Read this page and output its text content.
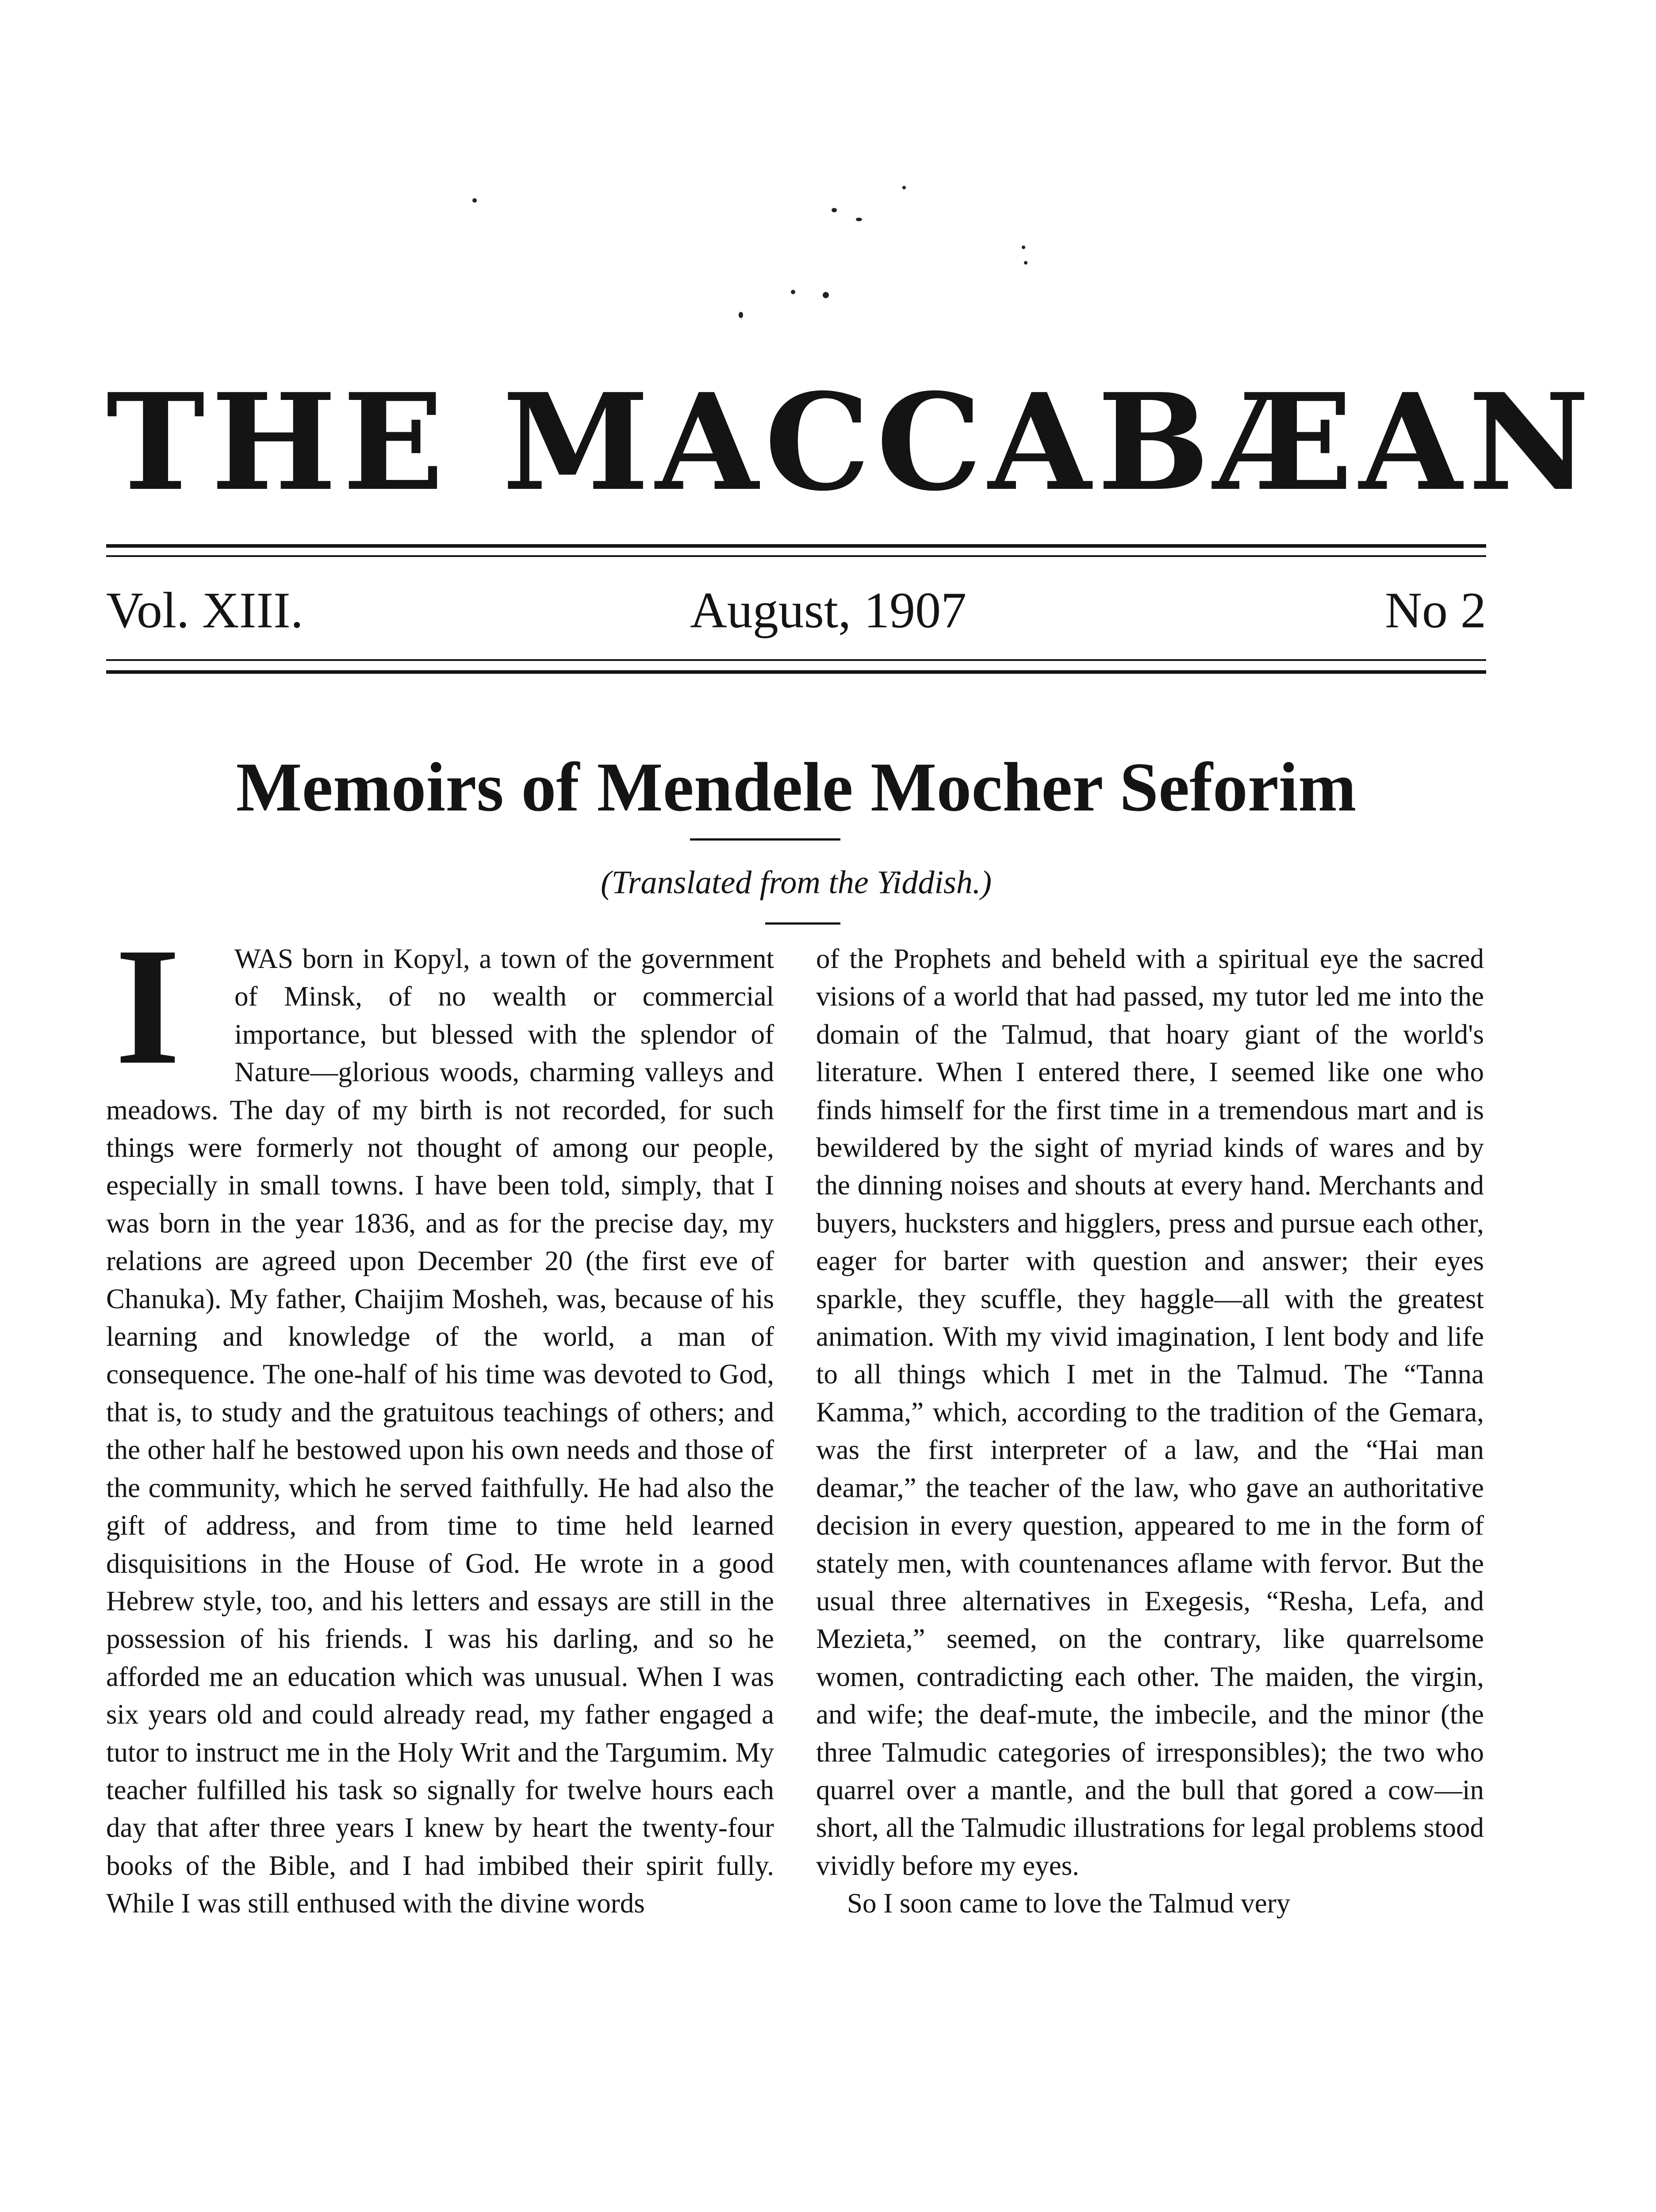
THE MACCABÆAN
Vol. XIII.	August, 1907	No 2
Memoirs of Mendele Mocher Seforim
(Translated from the Yiddish.)

I	WAS born in Kopyl, a town of the government of Minsk, of no wealth or commercial importance, but blessed with the splendor of Nature—glorious woods, charming valleys and meadows. The day of my birth is not recorded, for such things were formerly not thought of among our people, especially in small towns. I have been told, simply, that I was born in the year 1836, and as for the precise day, my relations are agreed upon December 20 (the first eve of Chanuka). My father, Chaijim Mosheh, was, because of his learning and knowledge of the world, a man of consequence. The one-half of his time was devoted to God, that is, to study and the gratuitous teachings of others; and the other half he bestowed upon his own needs and those of the community, which he served faithfully. He had also the gift of address, and from time to time held learned disquisitions in the House of God. He wrote in a good Hebrew style, too, and his letters and essays are still in the possession of his friends. I was his darling, and so he afforded me an education which was unusual. When I was six years old and could already read, my father engaged a tutor to instruct me in the Holy Writ and the Targumim. My teacher fulfilled his task so signally for twelve hours each day that after three years I knew by heart the twenty-four books of the Bible, and I had imbibed their spirit fully. While I was still enthused with the divine words

of the Prophets and beheld with a spiritual eye the sacred visions of a world that had passed, my tutor led me into the domain of the Talmud, that hoary giant of the world's literature. When I entered there, I seemed like one who finds himself for the first time in a tremendous mart and is bewildered by the sight of myriad kinds of wares and by the dinning noises and shouts at every hand. Merchants and buyers, hucksters and higglers, press and pursue each other, eager for barter with question and answer; their eyes sparkle, they scuffle, they haggle—all with the greatest animation. With my vivid imagination, I lent body and life to all things which I met in the Talmud. The “Tanna Kamma,” which, according to the tradition of the Gemara, was the first interpreter of a law, and the “Hai man deamar,” the teacher of the law, who gave an authoritative decision in every question, appeared to me in the form of stately men, with countenances aflame with fervor. But the usual three alternatives in Exegesis, “Resha, Lefa, and Mezieta,” seemed, on the contrary, like quarrelsome women, contradicting each other. The maiden, the virgin, and wife; the deaf-mute, the imbecile, and the minor (the three Talmudic categories of irresponsibles); the two who quarrel over a mantle, and the bull that gored a cow—in short, all the Talmudic illustrations for legal problems stood vividly before my eyes.

So I soon came to love the Talmud very
